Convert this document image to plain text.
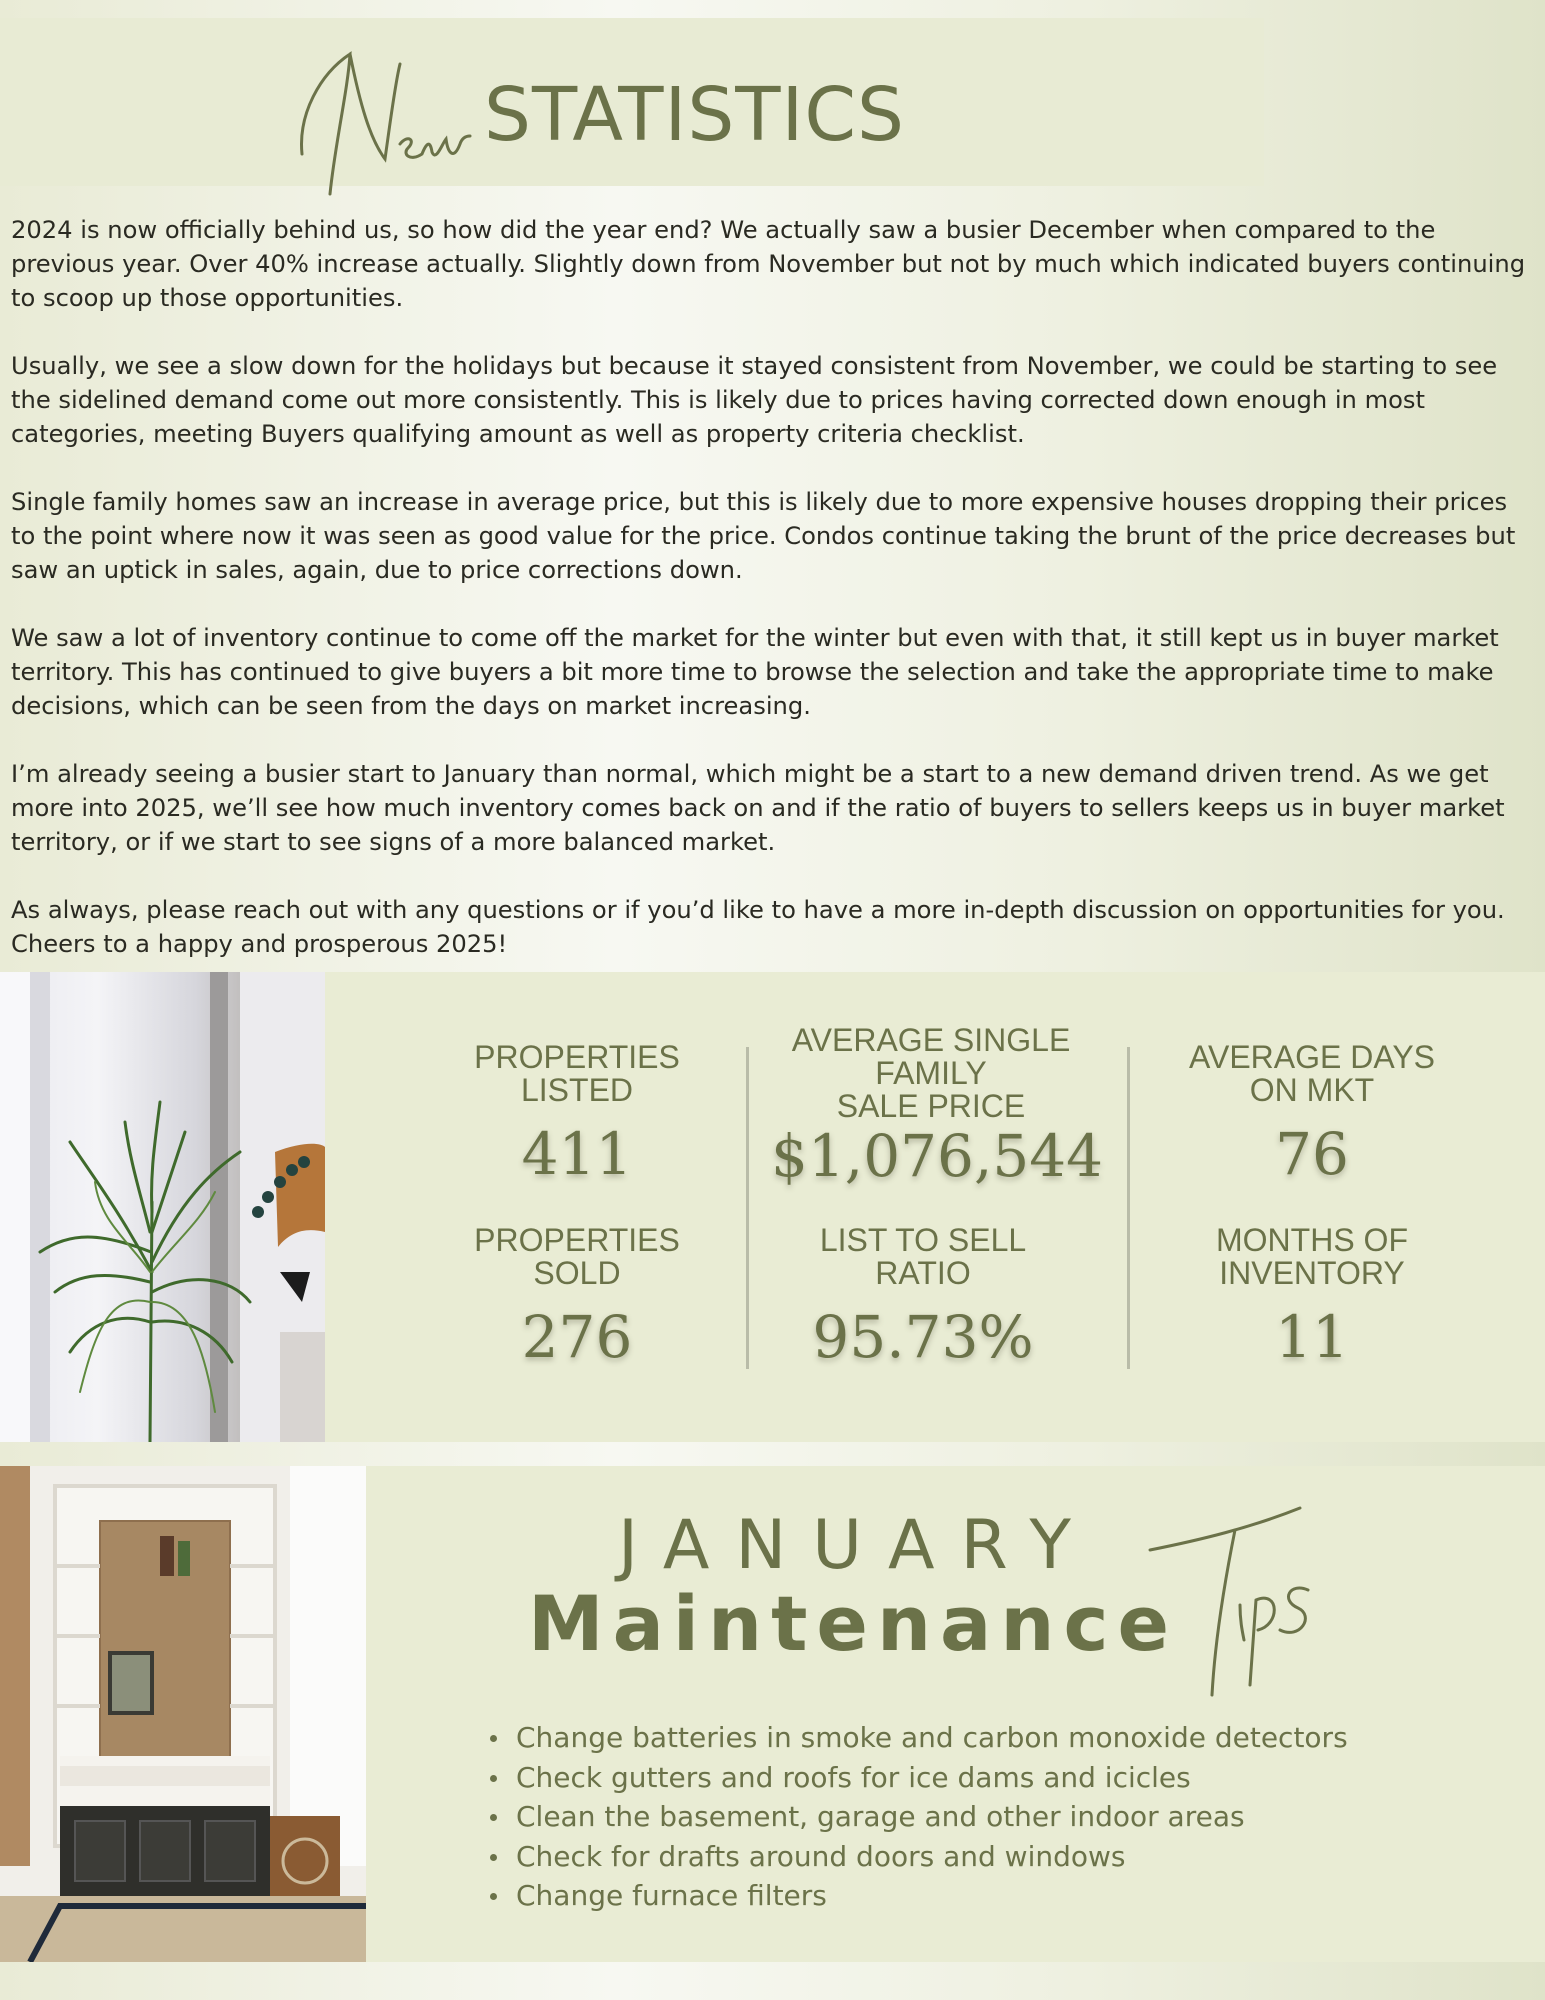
STATISTICS

2024 is now officially behind us, so how did the year end? We actually saw a busier December when compared to the previous year. Over 40% increase actually. Slightly down from November but not by much which indicated buyers continuing to scoop up those opportunities.

Usually, we see a slow down for the holidays but because it stayed consistent from November, we could be starting to see the sidelined demand come out more consistently. This is likely due to prices having corrected down enough in most categories, meeting Buyers qualifying amount as well as property criteria checklist.

Single family homes saw an increase in average price, but this is likely due to more expensive houses dropping their prices to the point where now it was seen as good value for the price. Condos continue taking the brunt of the price decreases but saw an uptick in sales, again, due to price corrections down.

We saw a lot of inventory continue to come off the market for the winter but even with that, it still kept us in buyer market territory. This has continued to give buyers a bit more time to browse the selection and take the appropriate time to make decisions, which can be seen from the days on market increasing.

I’m already seeing a busier start to January than normal, which might be a start to a new demand driven trend. As we get more into 2025, we’ll see how much inventory comes back on and if the ratio of buyers to sellers keeps us in buyer market territory, or if we start to see signs of a more balanced market.

As always, please reach out with any questions or if you’d like to have a more in-depth discussion on opportunities for you. Cheers to a happy and prosperous 2025!

PROPERTIES
LISTED
411
AVERAGE SINGLE
FAMILY
SALE PRICE
$1,076,544
AVERAGE DAYS
ON MKT
76
PROPERTIES
SOLD
276
LIST TO SELL
RATIO
95.73%
MONTHS OF
INVENTORY
11
JANUARY
Maintenance
Change batteries in smoke and carbon monoxide detectors
Check gutters and roofs for ice dams and icicles
Clean the basement, garage and other indoor areas
Check for drafts around doors and windows
Change furnace filters
